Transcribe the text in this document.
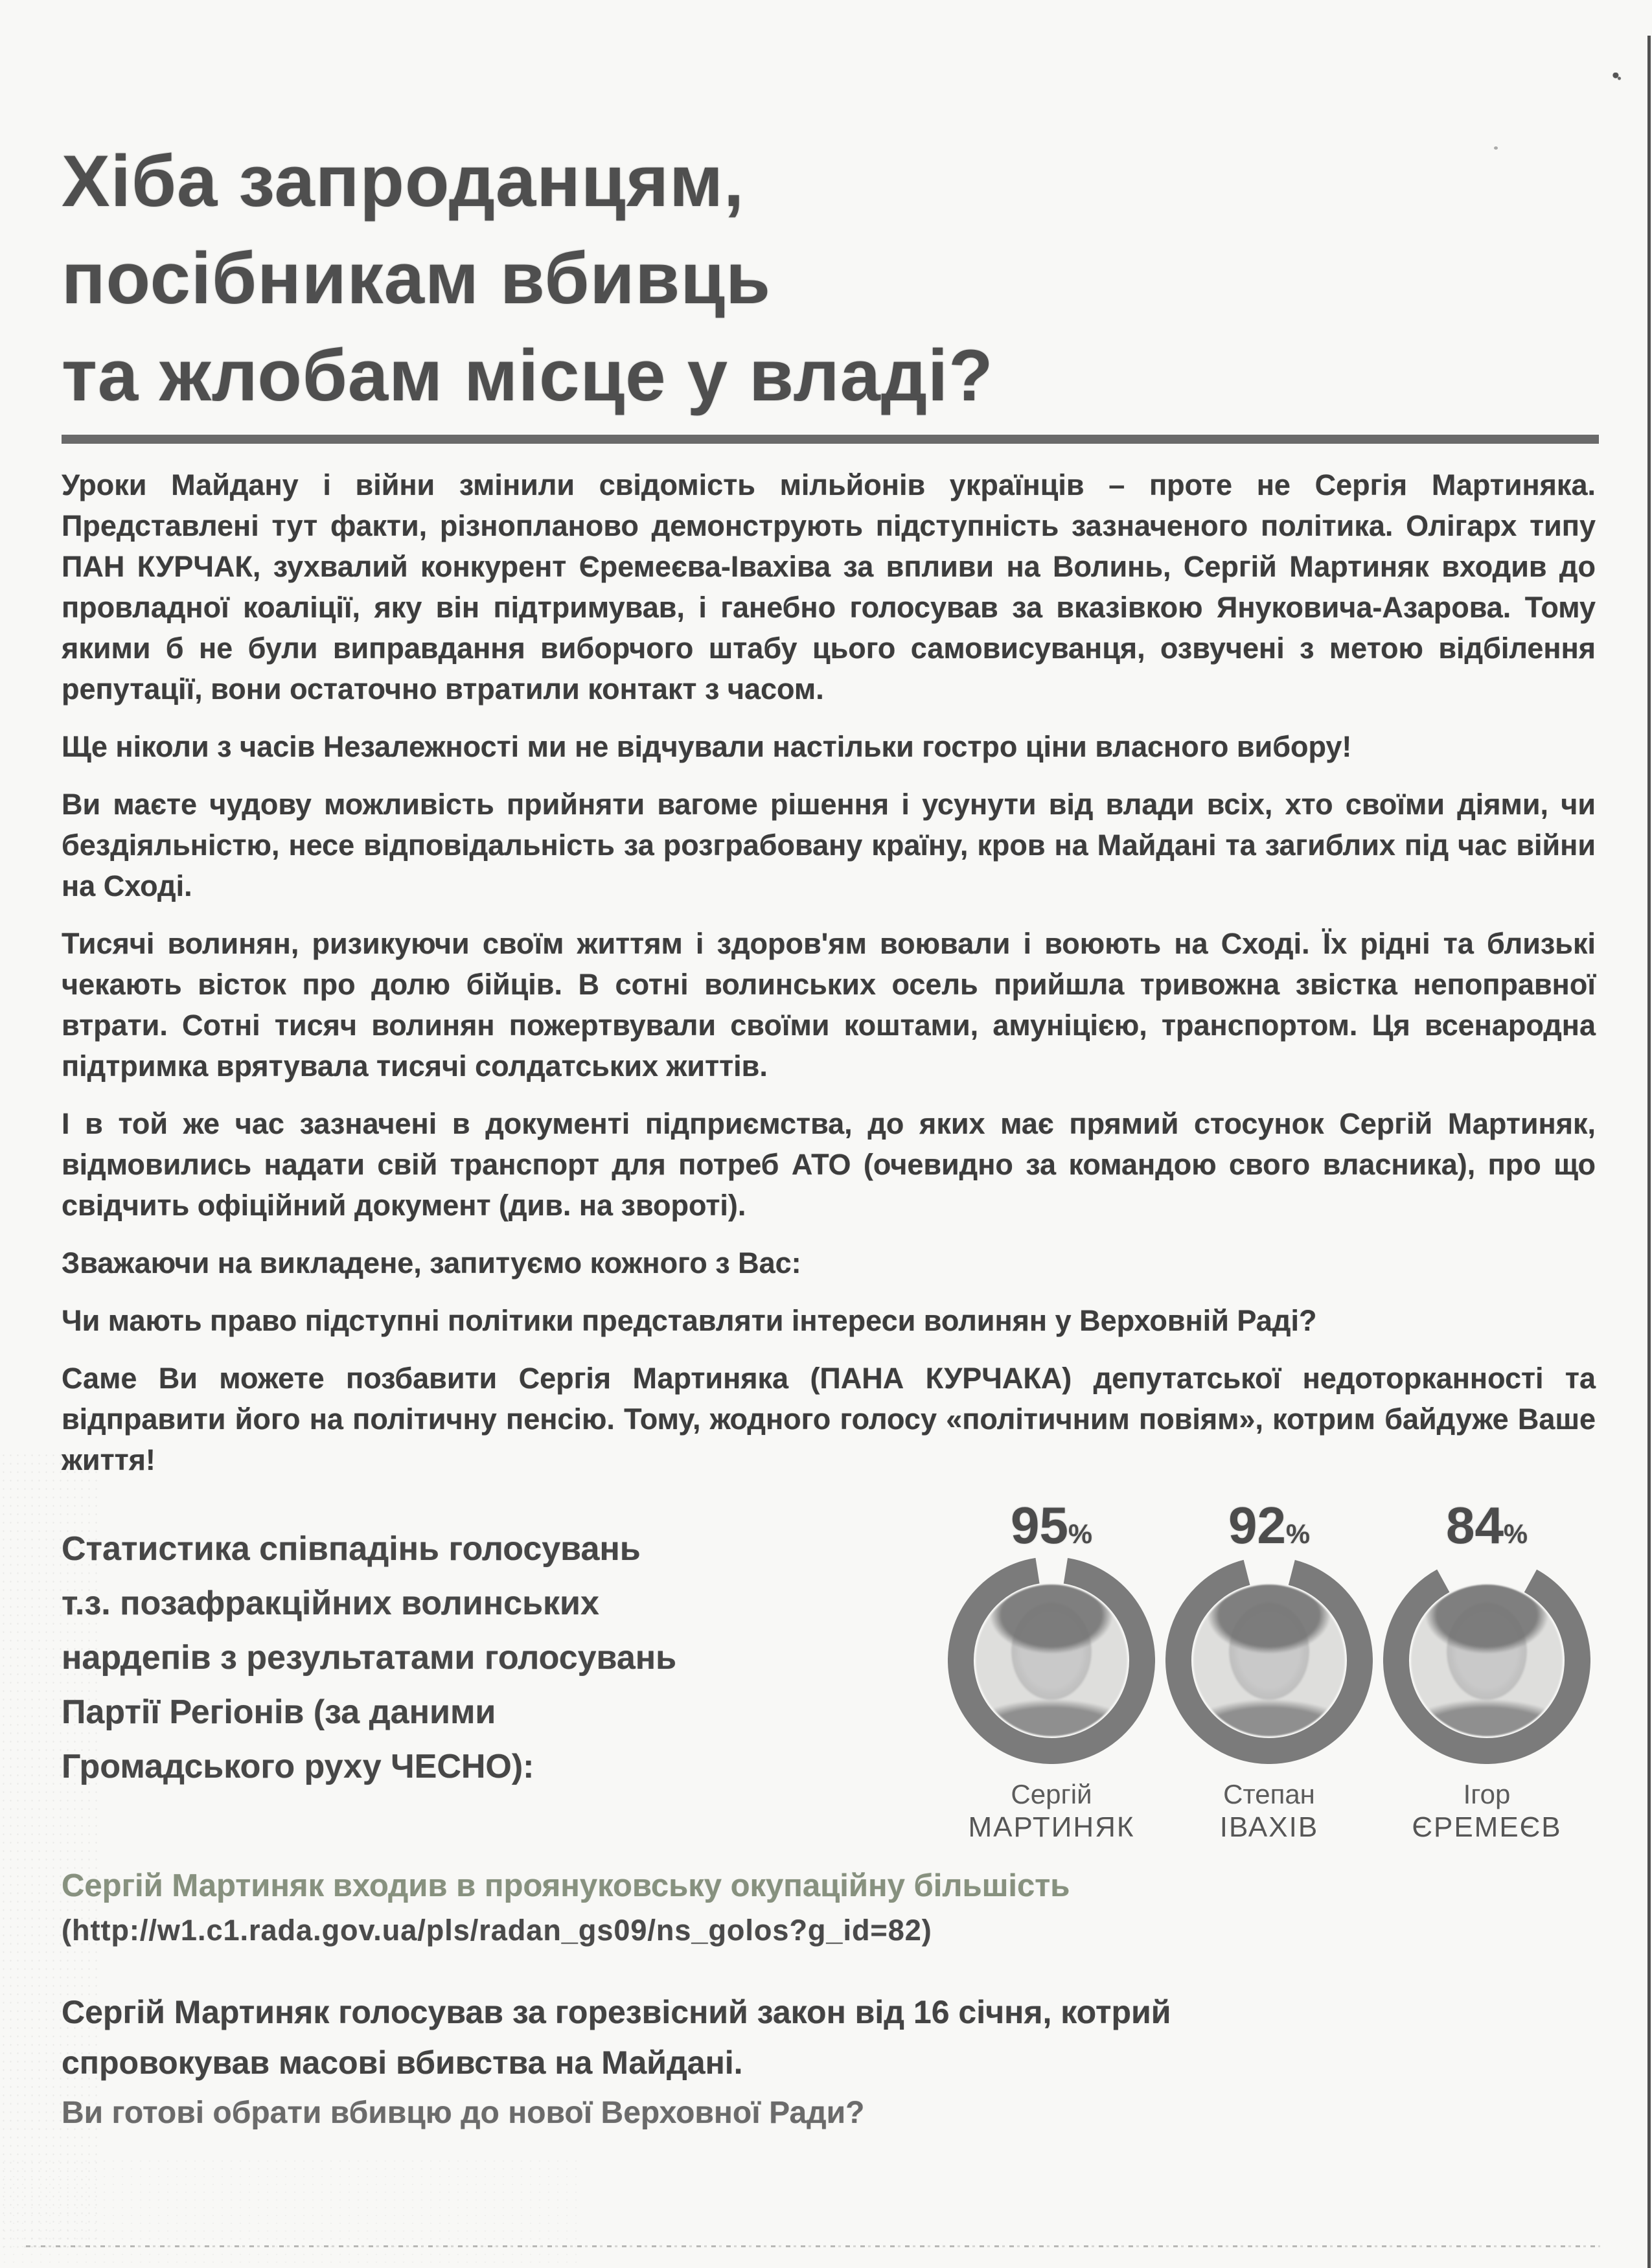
Хіба запроданцям,
посібникам вбивць
та жлобам місце у владі?

Уроки Майдану і війни змінили свідомість мільйонів українців – проте не Сергія Мартиняка. Представлені тут факти, різнопланово демонструють підступність зазначеного політика. Олігарх типу ПАН КУРЧАК, зухвалий конкурент Єремеєва-Івахіва за впливи на Волинь, Сергій Мартиняк входив до провладної коаліції, яку він підтримував, і ганебно голосував за вказівкою Януковича-Азарова. Тому якими б не були виправдання виборчого штабу цього самовисуванця, озвучені з метою відбілення репутації, вони остаточно втратили контакт з часом.

Ще ніколи з часів Незалежності ми не відчували настільки гостро ціни власного вибору!

Ви маєте чудову можливість прийняти вагоме рішення і усунути від влади всіх, хто своїми діями, чи бездіяльністю, несе відповідальність за розграбовану країну, кров на Майдані та загиблих під час війни на Сході.

Тисячі волинян, ризикуючи своїм життям і здоров'ям воювали і воюють на Сході. Їх рідні та близькі чекають вісток про долю бійців. В сотні волинських осель прийшла тривожна звістка непоправної втрати. Сотні тисяч волинян пожертвували своїми коштами, амуніцією, транспортом. Ця всенародна підтримка врятувала тисячі солдатських життів.

І в той же час зазначені в документі підприємства, до яких має прямий стосунок Сергій Мартиняк, відмовились надати свій транспорт для потреб АТО (очевидно за командою свого власника), про що свідчить офіційний документ (див. на звороті).

Зважаючи на викладене, запитуємо кожного з Вас:

Чи мають право підступні політики представляти інтереси волинян у Верховній Раді?

Саме Ви можете позбавити Сергія Мартиняка (ПАНА КУРЧАКА) депутатської недоторканності та відправити його на політичну пенсію. Тому, жодного голосу «політичним повіям», котрим байдуже Ваше життя!

Статистика співпадінь голосувань
т.з. позафракційних волинських
нардепів з результатами голосувань
Партії Регіонів (за даними
Громадського руху ЧЕСНО):
95%
Сергій
МАРТИНЯК
92%
Степан
ІВАХІВ
84%
Ігор
ЄРЕМЕЄВ

Сергій Мартиняк входив в проянуковську окупаційну більшість

(http://w1.c1.rada.gov.ua/pls/radan_gs09/ns_golos?g_id=82)

Сергій Мартиняк голосував за горезвісний закон від 16 січня, котрий
спровокував масові вбивства на Майдані.
Ви готові обрати вбивцю до нової Верховної Ради?
